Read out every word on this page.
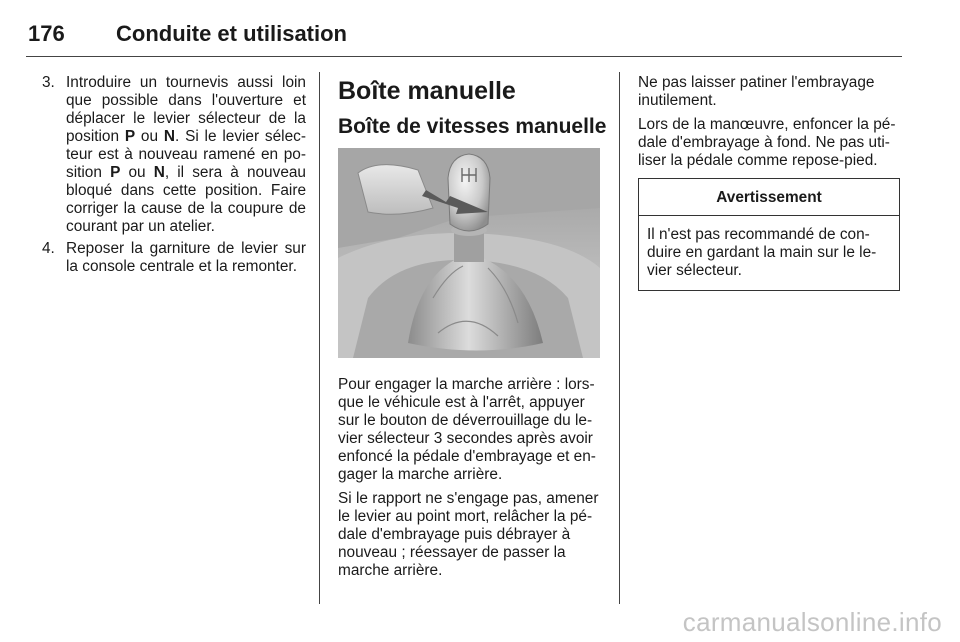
176	Conduite et utilisation
3. Introduire un tournevis aussi loin que possible dans l'ouverture et déplacer le levier sélecteur de la position P ou N. Si le levier sélecteur est à nouveau ramené en position P ou N, il sera à nouveau bloqué dans cette position. Faire corriger la cause de la coupure de courant par un atelier.
4. Reposer la garniture de levier sur la console centrale et la remonter.
Boîte manuelle
Boîte de vitesses manuelle

Pour engager la marche arrière : lorsque le véhicule est à l'arrêt, appuyer sur le bouton de déverrouillage du levier sélecteur 3 secondes après avoir enfoncé la pédale d'embrayage et engager la marche arrière.

Si le rapport ne s'engage pas, amener le levier au point mort, relâcher la pédale d'embrayage puis débrayer à nouveau ; réessayer de passer la marche arrière.

Ne pas laisser patiner l'embrayage inutilement.

Lors de la manœuvre, enfoncer la pédale d'embrayage à fond. Ne pas utiliser la pédale comme repose-pied.

Avertissement
Il n'est pas recommandé de conduire en gardant la main sur le levier sélecteur.
carmanualsonline.info
